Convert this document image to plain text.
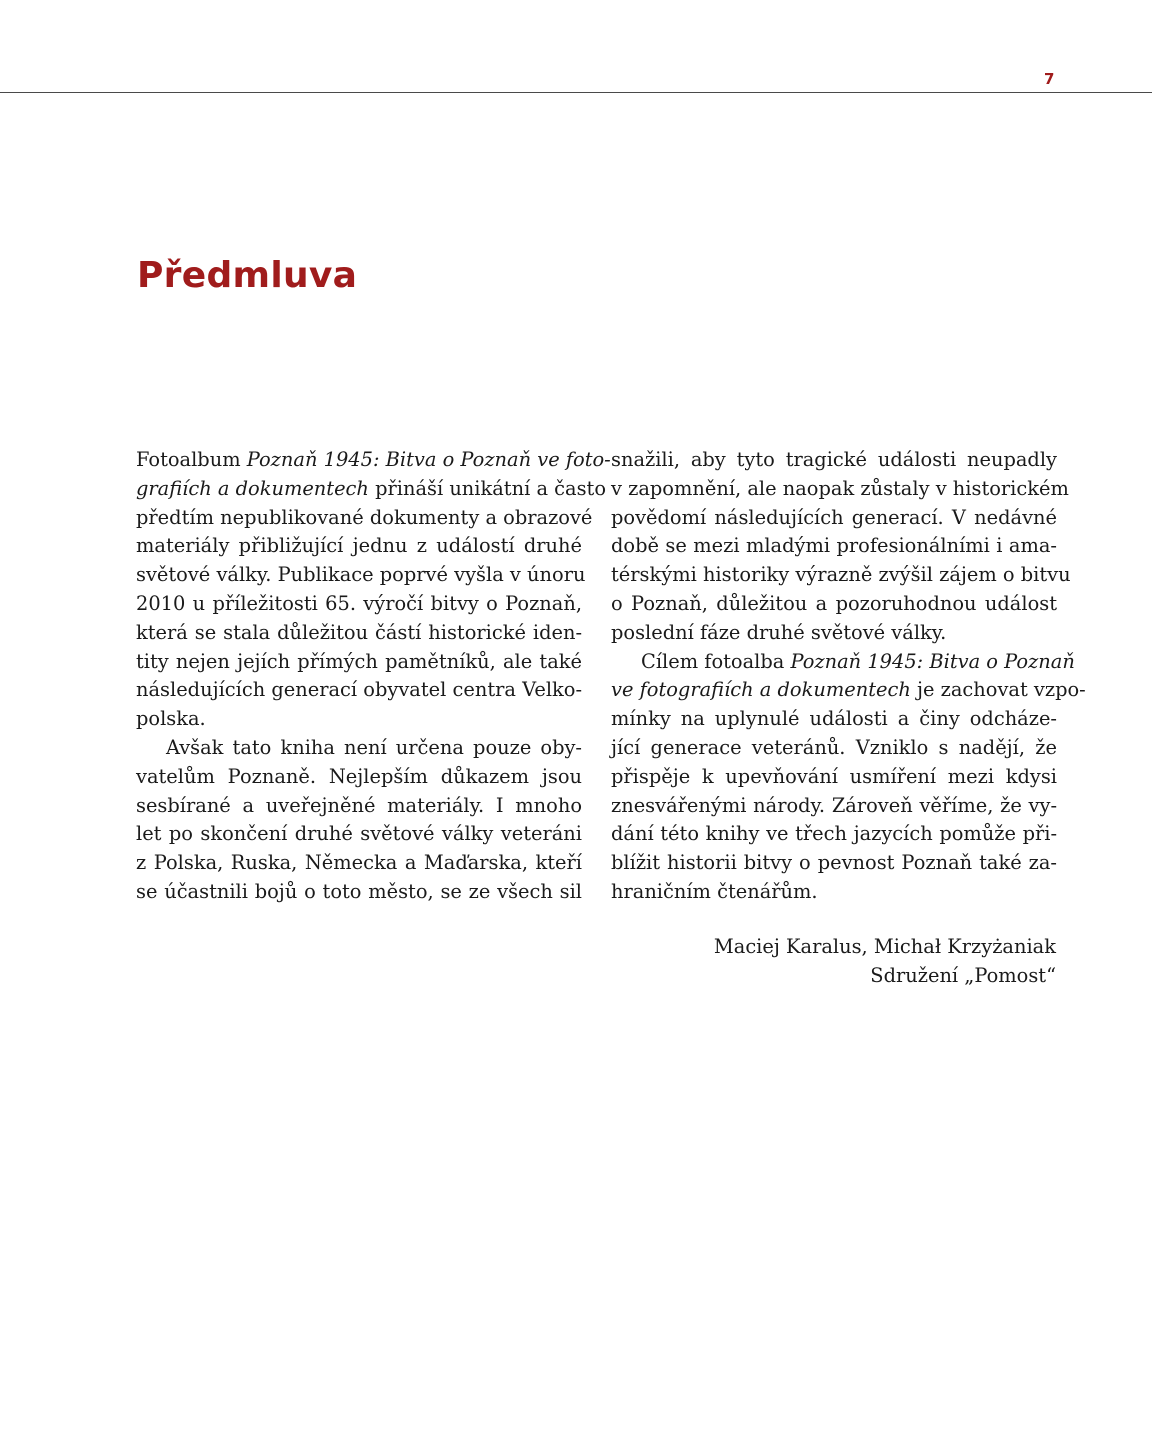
7
Předmluva
Fotoalbum Poznaň 1945: Bitva o Poznaň ve foto-
grafiích a dokumentech přináší unikátní a často
předtím nepublikované dokumenty a obrazové
materiály přibližující jednu z událostí druhé
světové války. Publikace poprvé vyšla v únoru
2010 u příležitosti 65. výročí bitvy o Poznaň,
která se stala důležitou částí historické iden-
tity nejen jejích přímých pamětníků, ale také
následujících generací obyvatel centra Velko-
polska.
Avšak tato kniha není určena pouze oby-
vatelům Poznaně. Nejlepším důkazem jsou
sesbírané a uveřejněné materiály. I mnoho
let po skončení druhé světové války veteráni
z Polska, Ruska, Německa a Maďarska, kteří
se účastnili bojů o toto město, se ze všech sil
snažili, aby tyto tragické události neupadly
v zapomnění, ale naopak zůstaly v historickém
povědomí následujících generací. V nedávné
době se mezi mladými profesionálními i ama-
térskými historiky výrazně zvýšil zájem o bitvu
o Poznaň, důležitou a pozoruhodnou událost
poslední fáze druhé světové války.
Cílem fotoalba Poznaň 1945: Bitva o Poznaň
ve fotografiích a dokumentech je zachovat vzpo-
mínky na uplynulé události a činy odcháze-
jící generace veteránů. Vzniklo s nadějí, že
přispěje k upevňování usmíření mezi kdysi
znesvářenými národy. Zároveň věříme, že vy-
dání této knihy ve třech jazycích pomůže při-
blížit historii bitvy o pevnost Poznaň také za-
hraničním čtenářům.
Maciej Karalus, Michał Krzyżaniak
Sdružení „Pomost“
